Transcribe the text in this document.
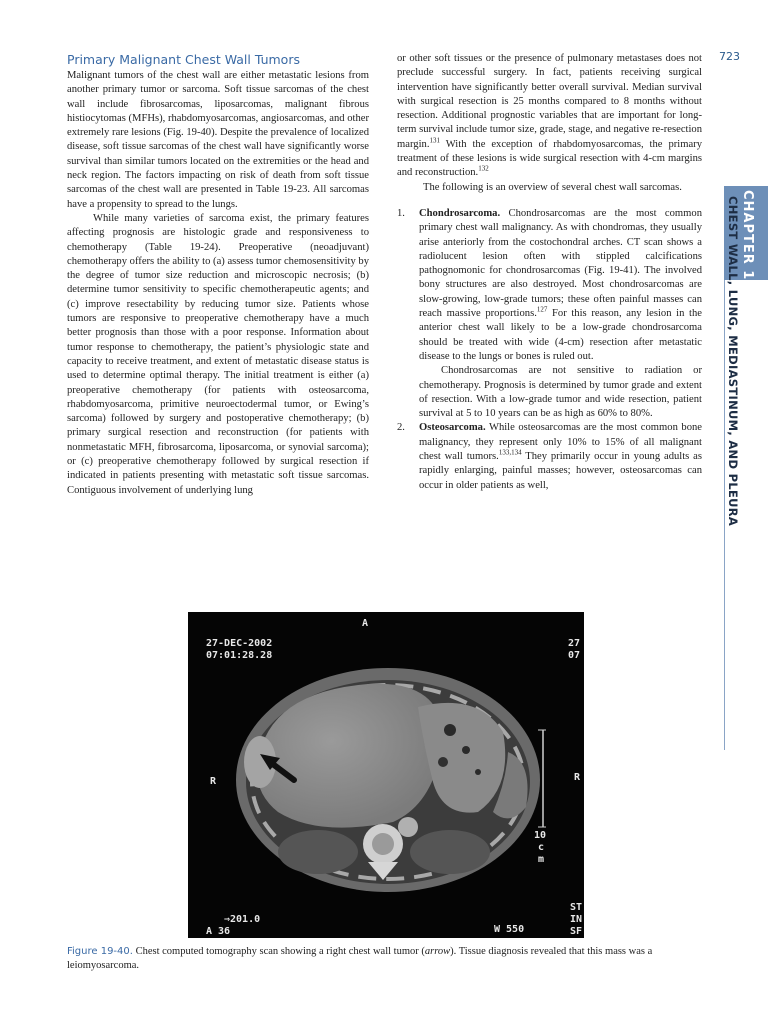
723
CHAPTER 19 CHEST WALL, LUNG, MEDIASTINUM, AND PLEURA
Primary Malignant Chest Wall Tumors

Malignant tumors of the chest wall are either metastatic lesions from another primary tumor or sarcoma. Soft tissue sarcomas of the chest wall include fibrosarcomas, liposarcomas, malignant fibrous histiocytomas (MFHs), rhabdomyosarcomas, angiosarcomas, and other extremely rare lesions (Fig. 19-40). Despite the prevalence of localized disease, soft tissue sarcomas of the chest wall have significantly worse survival than similar tumors located on the extremities or the head and neck region. The factors impacting on risk of death from soft tissue sarcomas of the chest wall are presented in Table 19-23. All sarcomas have a propensity to spread to the lungs.

While many varieties of sarcoma exist, the primary features affecting prognosis are histologic grade and responsiveness to chemotherapy (Table 19-24). Preoperative (neoadjuvant) chemotherapy offers the ability to (a) assess tumor chemosensitivity by the degree of tumor size reduction and microscopic necrosis; (b) determine tumor sensitivity to specific chemotherapeutic agents; and (c) improve resectability by reducing tumor size. Patients whose tumors are responsive to preoperative chemotherapy have a much better prognosis than those with a poor response. Information about tumor response to chemotherapy, the patient’s physiologic state and capacity to receive treatment, and extent of metastatic disease status is used to determine optimal therapy. The initial treatment is either (a) preoperative chemotherapy (for patients with osteosarcoma, rhabdomyosarcoma, primitive neuroectodermal tumor, or Ewing’s sarcoma) followed by surgery and postoperative chemotherapy; (b) primary surgical resection and reconstruction (for patients with nonmetastatic MFH, fibrosarcoma, liposarcoma, or synovial sarcoma); or (c) preoperative chemotherapy followed by surgical resection if indicated in patients presenting with metastatic soft tissue sarcomas. Contiguous involvement of underlying lung

or other soft tissues or the presence of pulmonary metastases does not preclude successful surgery. In fact, patients receiving surgical intervention have significantly better overall survival. Median survival with surgical resection is 25 months compared to 8 months without resection. Additional prognostic variables that are important for long-term survival include tumor size, grade, stage, and negative re-resection margin.$^{131}$ With the exception of rhabdomyosarcomas, the primary treatment of these lesions is wide surgical resection with 4-cm margins and reconstruction.$^{132}$

The following is an overview of several chest wall sarcomas.

1. Chondrosarcoma. Chondrosarcomas are the most common primary chest wall malignancy. As with chondromas, they usually arise anteriorly from the costochondral arches. CT scan shows a radiolucent lesion often with stippled calcifications pathognomonic for chondrosarcomas (Fig. 19-41). The involved bony structures are also destroyed. Most chondrosarcomas are slow-growing, low-grade tumors; these often painful masses can reach massive proportions.$^{127}$ For this reason, any lesion in the anterior chest wall likely to be a low-grade chondrosarcoma should be treated with wide (4-cm) resection after metastatic disease to the lungs or bones is ruled out.

Chondrosarcomas are not sensitive to radiation or chemotherapy. Prognosis is determined by tumor grade and extent of resection. With a low-grade tumor and wide resection, patient survival at 5 to 10 years can be as high as 60% to 80%.

2. Osteosarcoma. While osteosarcomas are the most common bone malignancy, they represent only 10% to 15% of all malignant chest wall tumors.$^{133,134}$ They primarily occur in young adults as rapidly enlarging, painful masses; however, osteosarcomas can occur in older patients as well,

A
27-DEC-2002
07:01:28.28
27
07
R	R
10
c
m
⇒201.0
A 36	W 550
ST
IN
SF
Figure 19-40. Chest computed tomography scan showing a right chest wall tumor (arrow). Tissue diagnosis revealed that this mass was a leiomyosarcoma.
